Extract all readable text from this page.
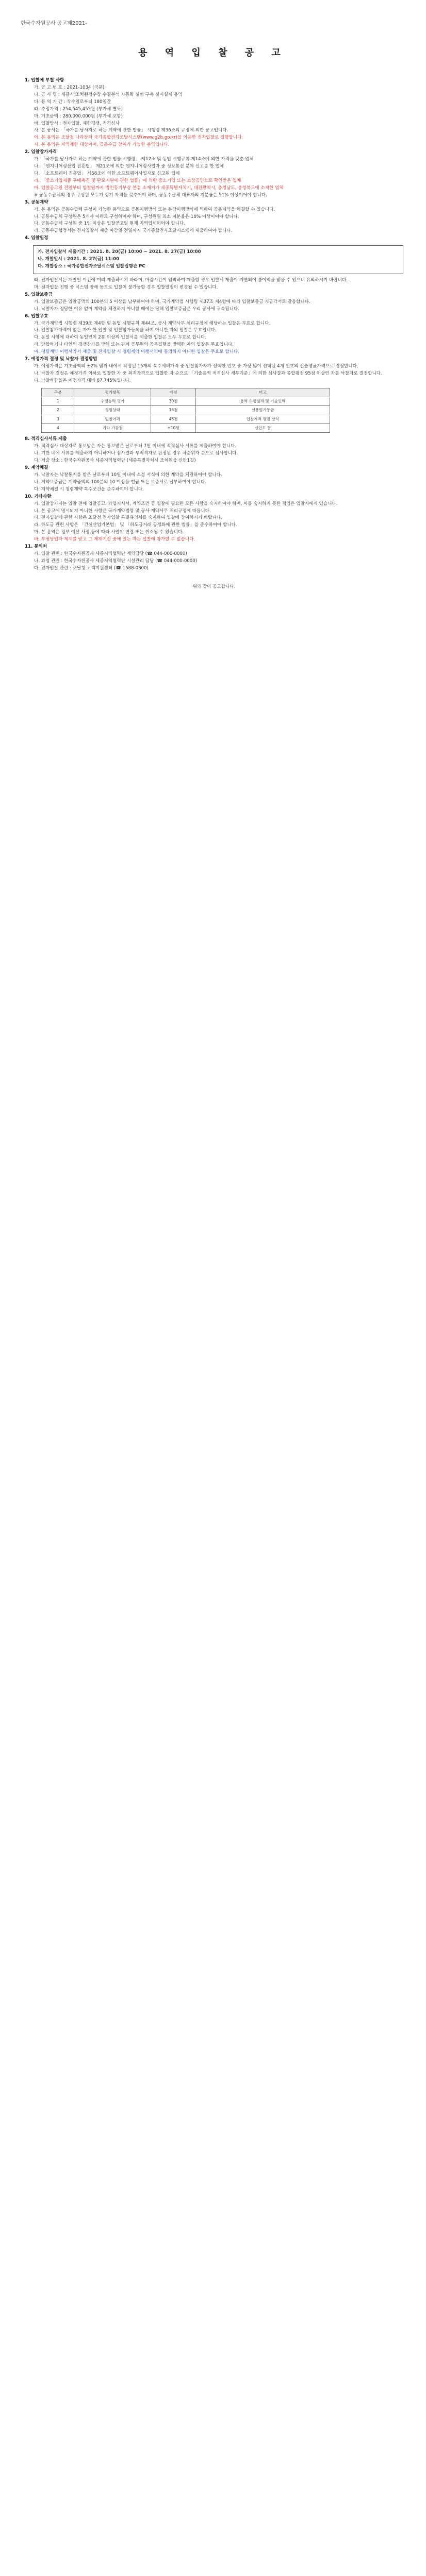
한국수자원공사 공고제2021-
용 역 입 찰 공 고

1. 입찰에 부칠 사항

가. 공 고 번 호 : 2021-1034 (국문)

나. 공 사 명 : 세종시 조치원정수장 수질분석 자동화 설비 구축 실시설계 용역

다. 용 역 기 간 : 착수일로부터 180일간

라. 추정가격 : 254,545,455원 (부가세 별도)

마. 기초금액 : 280,000,000원 (부가세 포함)

바. 입찰방식 : 전자입찰, 제한경쟁, 적격심사

사. 본 공사는 「국가를 당사자로 하는 계약에 관한 법률」 시행령 제36조의 규정에 의한 공고입니다.

아. 본 용역은 조달청 나라장터 국가종합전자조달시스템(www.g2b.go.kr)을 이용한 전자입찰로 집행합니다.

자. 본 용역은 지역제한 대상이며, 공동수급 참여가 가능한 용역입니다.

2. 입찰참가자격

가. 「국가를 당사자로 하는 계약에 관한 법률 시행령」 제12조 및 동법 시행규칙 제14조에 의한 자격을 갖춘 업체

나. 「엔지니어링산업 진흥법」 제21조에 의한 엔지니어링사업자 중 정보통신 분야 신고를 한 업체

다. 「소프트웨어 진흥법」 제58조에 의한 소프트웨어사업자로 신고된 업체

라. 「중소기업제품 구매촉진 및 판로지원에 관한 법률」에 의한 중소기업 또는 소상공인으로 확인받은 업체

마. 입찰공고일 전일부터 입찰일까지 법인등기부상 본점 소재지가 세종특별자치시, 대전광역시, 충청남도, 충청북도에 소재한 업체

※ 공동수급체의 경우 구성원 모두가 상기 자격을 갖추어야 하며, 공동수급체 대표자의 지분율은 51% 이상이어야 합니다.

3. 공동계약

가. 본 용역은 공동수급체 구성이 가능한 용역으로 공동이행방식 또는 분담이행방식에 의하여 공동계약을 체결할 수 있습니다.

나. 공동수급체 구성원은 5개사 이하로 구성하여야 하며, 구성원별 최소 지분율은 10% 이상이어야 합니다.

다. 공동수급체 구성원 중 1인 이상은 입찰공고일 현재 지역업체이어야 합니다.

라. 공동수급협정서는 전자입찰서 제출 마감일 전일까지 국가종합전자조달시스템에 제출하여야 합니다.

4. 입찰일정

가. 전자입찰서 제출기간 : 2021. 8. 20(금) 10:00 ~ 2021. 8. 27(금) 10:00

나. 개찰일시 : 2021. 8. 27(금) 11:00

다. 개찰장소 : 국가종합전자조달시스템 입찰집행관 PC

라. 전자입찰서는 개찰일 이전에 미리 제출하시기 바라며, 마감시간이 임박하여 제출할 경우 입찰서 제출이 지연되어 불이익을 받을 수 있으니 유의하시기 바랍니다.

마. 전자입찰 진행 중 시스템 장애 등으로 입찰이 불가능할 경우 입찰일정이 변경될 수 있습니다.

5. 입찰보증금

가. 입찰보증금은 입찰금액의 100분의 5 이상을 납부하여야 하며, 국가계약법 시행령 제37조 제4항에 따라 입찰보증금 지급각서로 갈음합니다.

나. 낙찰자가 정당한 이유 없이 계약을 체결하지 아니할 때에는 당해 입찰보증금은 우리 공사에 귀속됩니다.

6. 입찰무효

가. 국가계약법 시행령 제39조 제4항 및 동법 시행규칙 제44조, 공사 계약사무 처리규정에 해당하는 입찰은 무효로 합니다.

나. 입찰참가자격이 없는 자가 한 입찰 및 입찰참가등록을 하지 아니한 자의 입찰은 무효입니다.

다. 동일 사항에 대하여 동일인이 2통 이상의 입찰서를 제출한 입찰은 모두 무효로 합니다.

라. 담합하거나 타인의 경쟁참가를 방해 또는 관계 공무원의 공무집행을 방해한 자의 입찰은 무효입니다.

마. 청렴계약 이행서약서 제출 및 전자입찰 시 청렴계약 이행서약에 동의하지 아니한 입찰은 무효로 합니다.

7. 예정가격 결정 및 낙찰자 결정방법

가. 예정가격은 기초금액의 ±2% 범위 내에서 작성된 15개의 복수예비가격 중 입찰참가자가 선택한 번호 중 가장 많이 선택된 4개 번호의 산술평균가격으로 결정합니다.

나. 낙찰자 결정은 예정가격 이하로 입찰한 자 중 최저가격으로 입찰한 자 순으로 「기술용역 적격심사 세부기준」에 의한 심사결과 종합평점 95점 이상인 자를 낙찰자로 결정합니다.

다. 낙찰하한율은 예정가격 대비 87.745%입니다.

구분	평가항목	배점	비고
1	수행능력 평가	30점	용역 수행실적 및 기술인력
2	경영상태	15점	신용평가등급
3	입찰가격	45점	입찰가격 평점 산식
4	기타 가감점	±10점	신인도 등

8. 적격심사서류 제출

가. 적격심사 대상자로 통보받은 자는 통보받은 날로부터 7일 이내에 적격심사 서류를 제출하여야 합니다.

나. 기한 내에 서류를 제출하지 아니하거나 심사결과 부적격자로 판정된 경우 차순위자 순으로 심사합니다.

다. 제출 장소 : 한국수자원공사 세종지역협력단 (세종특별자치시 조치원읍 신안1길)

9. 계약체결

가. 낙찰자는 낙찰통지를 받은 날로부터 10일 이내에 소정 서식에 의한 계약을 체결하여야 합니다.

나. 계약보증금은 계약금액의 100분의 10 이상을 현금 또는 보증서로 납부하여야 합니다.

다. 계약체결 시 청렴계약 특수조건을 준수하여야 합니다.

10. 기타사항

가. 입찰참가자는 입찰 전에 입찰공고, 과업지시서, 계약조건 등 입찰에 필요한 모든 사항을 숙지하여야 하며, 이를 숙지하지 못한 책임은 입찰자에게 있습니다.

나. 본 공고에 명시되지 아니한 사항은 국가계약법령 및 공사 계약사무 처리규정에 따릅니다.

다. 전자입찰에 관한 사항은 조달청 전자입찰 특별유의서를 숙지하여 입찰에 참여하시기 바랍니다.

라. 하도급 관련 사항은 「건설산업기본법」 및 「하도급거래 공정화에 관한 법률」을 준수하여야 합니다.

마. 본 용역은 정부 예산 사정 등에 따라 사업이 변경 또는 취소될 수 있습니다.

바. 부정당업자 제재를 받고 그 제재기간 중에 있는 자는 입찰에 참가할 수 없습니다.

11. 문의처

가. 입찰 관련 : 한국수자원공사 세종지역협력단 계약담당 (☎ 044-000-0000)

나. 과업 관련 : 한국수자원공사 세종지역협력단 시설관리 담당 (☎ 044-000-0000)

다. 전자입찰 관련 : 조달청 고객지원센터 (☎ 1588-0800)

위와 같이 공고합니다.
